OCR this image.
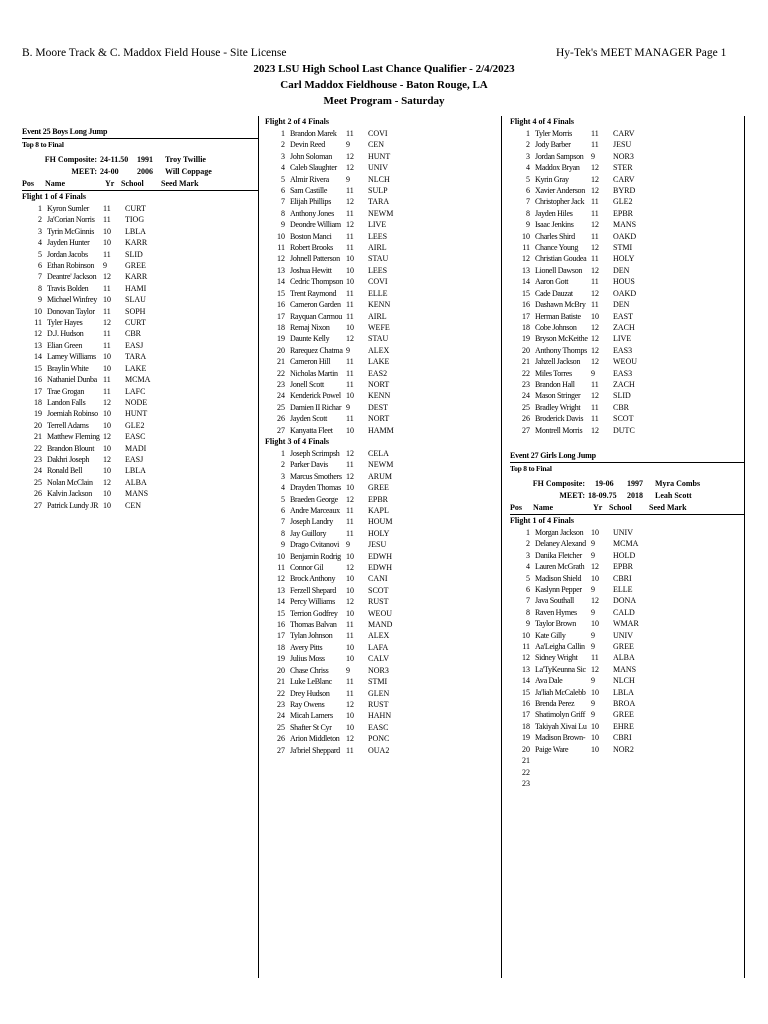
B. Moore Track & C. Maddox Field House - Site License	Hy-Tek's MEET MANAGER Page 1
2023 LSU High School Last Chance Qualifier - 2/4/2023
Carl Maddox Fieldhouse - Baton Rouge, LA
Meet Program - Saturday
Event 25 Boys Long Jump
Top 8 to Final
FH Composite: 24-11.50	1991	Troy Twillie
MEET: 24-00	2006	Will Coppage
Pos	Name	Yr School	Seed Mark
Flight 1 of 4 Finals
1 Kyron Sumler	11	CURT
2 Ja'Corian Norris	11	TIOG
3 Tyrin McGinnis	10	LBLA
4 Jayden Hunter	10	KARR
5 Jordan Jacobs	11	SLID
6 Ethan Robinson	9	GREE
7 Deantre' Jackson 12	KARR
8 Travis Bolden	11	HAMI
9 Michael Winfrey 10	SLAU
10 Donovan Taylor	11	SOPH
11 Tyler Hayes	12	CURT
12 D.J. Hudson	11	CBR
13 Elian Green	11	EASJ
14 Lamey Williams 10	TARA
15 Braylin White	10	LAKE
16 Nathaniel Dunba 11	MCMA
17 Trae Grogan	11	LAFC
18 Landon Falls	12	NODE
19 Joemiah Robinso 10	HUNT
20 Terrell Adams	10	GLE2
21 Matthew Fleming 12	EASC
22 Brandon Blount	10	MADI
23 Dakhri Joseph	12	EASJ
24 Ronald Bell	10	LBLA
25 Nolan McClain	12	ALBA
26 Kalvin Jackson	10	MANS
27 Patrick Lundy JR 10	CEN
Flight 2 of 4 Finals
1 Brandon Marek	11	COVI
2 Devin Reed	9	CEN
3 John Soloman	12	HUNT
4 Caleb Slaughter	12	UNIV
5 Almir Rivera	9	NLCH
6 Sam Castille	11	SULP
7 Elijah Phillips	12	TARA
8 Anthony Jones	11	NEWM
9 Deondre William 12	LIVE
10 Boston Manci	11	LEES
11 Robert Brooks	11	AIRL
12 Johnell Patterson 10	STAU
13 Joshua Hewitt	10	LEES
14 Cedric Thompson 10	COVI
15 Trent Raymond	11	ELLE
16 Cameron Garden 11	KENN
17 Rayquan Carmou 11	AIRL
18 Remaj Nixon	10	WEFE
19 Daunte Kelly	12	STAU
20 Rarequez Chatma 9	ALEX
21 Cameron Hill	11	LAKE
22 Nicholas Martin	11	EAS2
23 Jonell Scott	11	NORT
24 Kenderick Powel 10	KENN
25 Damien II Richar 9	DEST
26 Jayden Scott	11	NORT
27 Kanyatta Fleet	10	HAMM
Flight 3 of 4 Finals
1 Joseph Scrimpsh 12	CELA
2 Parker Davis	11	NEWM
3 Marcus Smothers 12	ARUM
4 Drayden Thomas 10	GREE
5 Braeden George	12	EPBR
6 Andre Marceaux 11	KAPL
7 Joseph Landry	11	HOUM
8 Jay Guillory	11	HOLY
9 Drago Cvitanovi 9	JESU
10 Benjamin Rodrig 10	EDWH
11 Connor Gil	12	EDWH
12 Brock Anthony	10	CANI
13 Ferzell Shepard	10	SCOT
14 Percy Williams	12	RUST
15 Terrion Godfrey	10	WEOU
16 Thomas Balvan	11	MAND
17 Tylan Johnson	11	ALEX
18 Avery Pitts	10	LAFA
19 Julius Moss	10	CALV
20 Chase Chriss	9	NOR3
21 Luke LeBlanc	11	STMI
22 Drey Hudson	11	GLEN
23 Ray Owens	12	RUST
24 Micah Lamers	10	HAHN
25 Shafter St Cyr	10	EASC
26 Arion Middleton 12	PONC
27 Ja'briel Sheppard 11	OUA2
Flight 4 of 4 Finals
1 Tyler Morris	11	CARV
2 Jody Barber	11	JESU
3 Jordan Sampson 9	NOR3
4 Maddox Bryan	12	STER
5 Kyrin Gray	12	CARV
6 Xavier Anderson 12	BYRD
7 Christopher Jack 11	GLE2
8 Jayden Hiles	11	EPBR
9 Isaac Jenkins	12	MANS
10 Charles Shird	11	OAKD
11 Chance Young	12	STMI
12 Christian Goudea 11	HOLY
13 Lionell Dawson	12	DEN
14 Aaron Gott	11	HOUS
15 Cade Dauzat	12	OAKD
16 Dashawn McBry 11	DEN
17 Herman Batiste	10	EAST
18 Cobe Johnson	12	ZACH
19 Bryson McKeithe 12	LIVE
20 Anthony Thomps 12	EAS3
21 Jahzell Jackson	12	WEOU
22 Miles Torres	9	EAS3
23 Brandon Hall	11	ZACH
24 Mason Stringer	12	SLID
25 Bradley Wright	11	CBR
26 Broderick Davis 11	SCOT
27 Montrell Morris	12	DUTC
Event 27 Girls Long Jump
Top 8 to Final
FH Composite:	19-06	1997	Myra Combs
MEET: 18-09.75	2018	Leah Scott
Pos	Name	Yr School	Seed Mark
Flight 1 of 4 Finals
1 Morgan Jackson 10	UNIV
2 Delaney Alexand 9	MCMA
3 Danika Fletcher	9	HOLD
4 Lauren McGrath 12	EPBR
5 Madison Shield	10	CBRI
6 Kaslynn Pepper	9	ELLE
7 Java Southall	12	DONA
8 Raven Hymes	9	CALD
9 Taylor Brown	10	WMAR
10 Kate Gilly	9	UNIV
11 Aa'Leigha Callin 9	GREE
12 Sidney Wright	11	ALBA
13 La'TyKeunna Sic 12	MANS
14 Ava Dale	9	NLCH
15 Ja'liah McCalebb 10	LBLA
16 Brenda Perez	9	BROA
17 Shatimolyn Griff 9	GREE
18 Takiyah Xivai Lu 10	EHRE
19 Madison Brown- 10	CBRI
20 Paige Ware	10	NOR2
21
22
23
